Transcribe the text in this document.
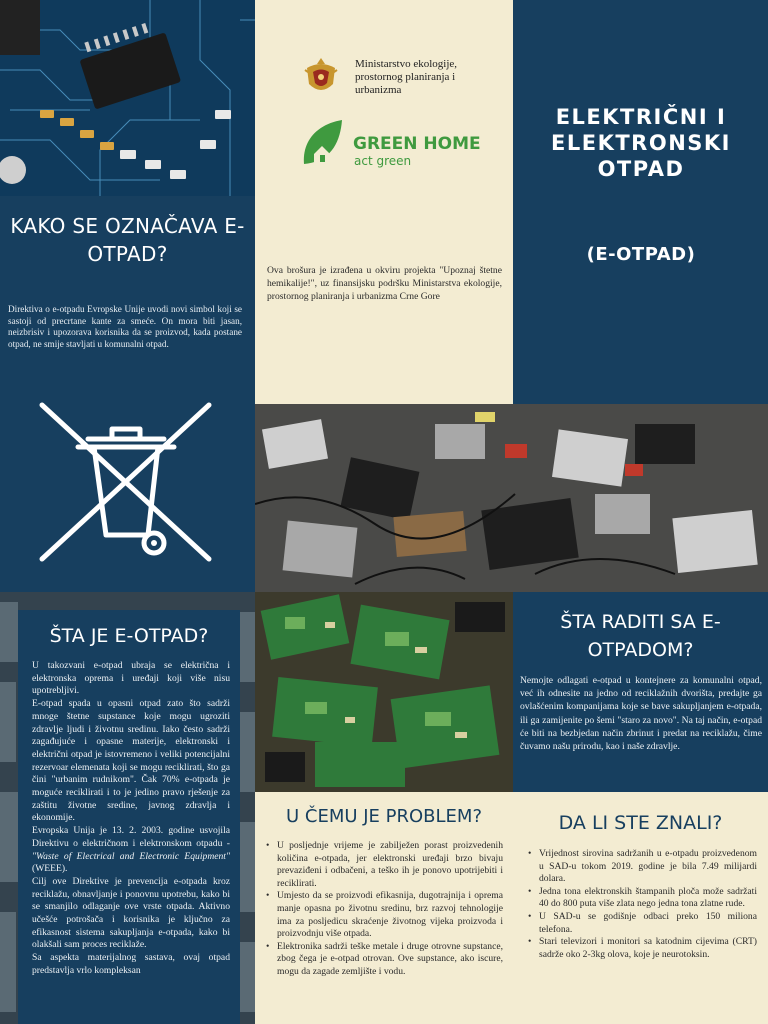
KAKO SE OZNAČAVA E-OTPAD?

Direktiva o e-otpadu Evropske Unije uvodi novi simbol koji se sastoji od precrtane kante za smeće. On mora biti jasan, neizbrisiv i upozorava korisnika da se proizvod, kada postane otpad, ne smije stavljati u komunalni otpad.

Ministarstvo ekologije, prostornog planiranja i urbanizma
GREEN HOME
act green

Ova brošura je izrađena u okviru projekta "Upoznaj štetne hemikalije!", uz finansijsku podršku Ministarstva ekologije, prostornog planiranja i urbanizma Crne Gore

ELEKTRIČNI I ELEKTRONSKI OTPAD
(E-OTPAD)
ŠTA JE E-OTPAD?

U takozvani e-otpad ubraja se električna i elektronska oprema i uređaji koji više nisu upotrebljivi.

E-otpad spada u opasni otpad zato što sadrži mnoge štetne supstance koje mogu ugroziti zdravlje ljudi i životnu sredinu. Iako često sadrži zagađujuće i opasne materije, elektronski i električni otpad je istovremeno i veliki potencijalni rezervoar elemenata koji se mogu reciklirati, što ga čini "urbanim rudnikom". Čak 70% e-otpada je moguće reciklirati i to je jedino pravo rješenje za zaštitu životne sredine, javnog zdravlja i ekonomije.

Evropska Unija je 13. 2. 2003. godine usvojila Direktivu o električnom i elektronskom otpadu - "Waste of Electrical and Electronic Equipment" (WEEE).

Cilj ove Direktive je prevencija e-otpada kroz reciklažu, obnavljanje i ponovnu upotrebu, kako bi se smanjilo odlaganje ove vrste otpada. Aktivno učešće potrošača i korisnika je ključno za efikasnost sistema sakupljanja e-otpada, kako bi olakšali sam proces reciklaže.

Sa aspekta materijalnog sastava, ovaj otpad predstavlja vrlo kompleksan

ŠTA RADITI SA E-OTPADOM?

Nemojte odlagati e-otpad u kontejnere za komunalni otpad, već ih odnesite na jedno od reciklažnih dvorišta, predajte ga ovlašćenim kompanijama koje se bave sakupljanjem e-otpada, ili ga zamijenite po šemi "staro za novo". Na taj način, e-otpad će biti na bezbjedan način zbrinut i predat na reciklažu, čime čuvamo našu prirodu, kao i naše zdravlje.

U ČEMU JE PROBLEM?
• U posljednje vrijeme je zabilježen porast proizvedenih količina e-otpada, jer elektronski uređaji brzo bivaju prevaziđeni i odbačeni, a teško ih je ponovo upotrijebiti i reciklirati.
• Umjesto da se proizvodi efikasnija, dugotrajnija i oprema manje opasna po životnu sredinu, brz razvoj tehnologije ima za posljedicu skraćenje životnog vijeka proizvoda i proizvodnju više otpada.
• Elektronika sadrži teške metale i druge otrovne supstance, zbog čega je e-otpad otrovan. Ove supstance, ako iscure, mogu da zagade zemljište i vodu.
DA LI STE ZNALI?
• Vrijednost sirovina sadržanih u e-otpadu proizvedenom u SAD-u tokom 2019. godine je bila 7.49 milijardi dolara.
• Jedna tona elektronskih štampanih ploča može sadržati 40 do 800 puta više zlata nego jedna tona zlatne rude.
• U SAD-u se godišnje odbaci preko 150 miliona telefona.
• Stari televizori i monitori sa katodnim cijevima (CRT) sadrže oko 2-3kg olova, koje je neurotoksin.
